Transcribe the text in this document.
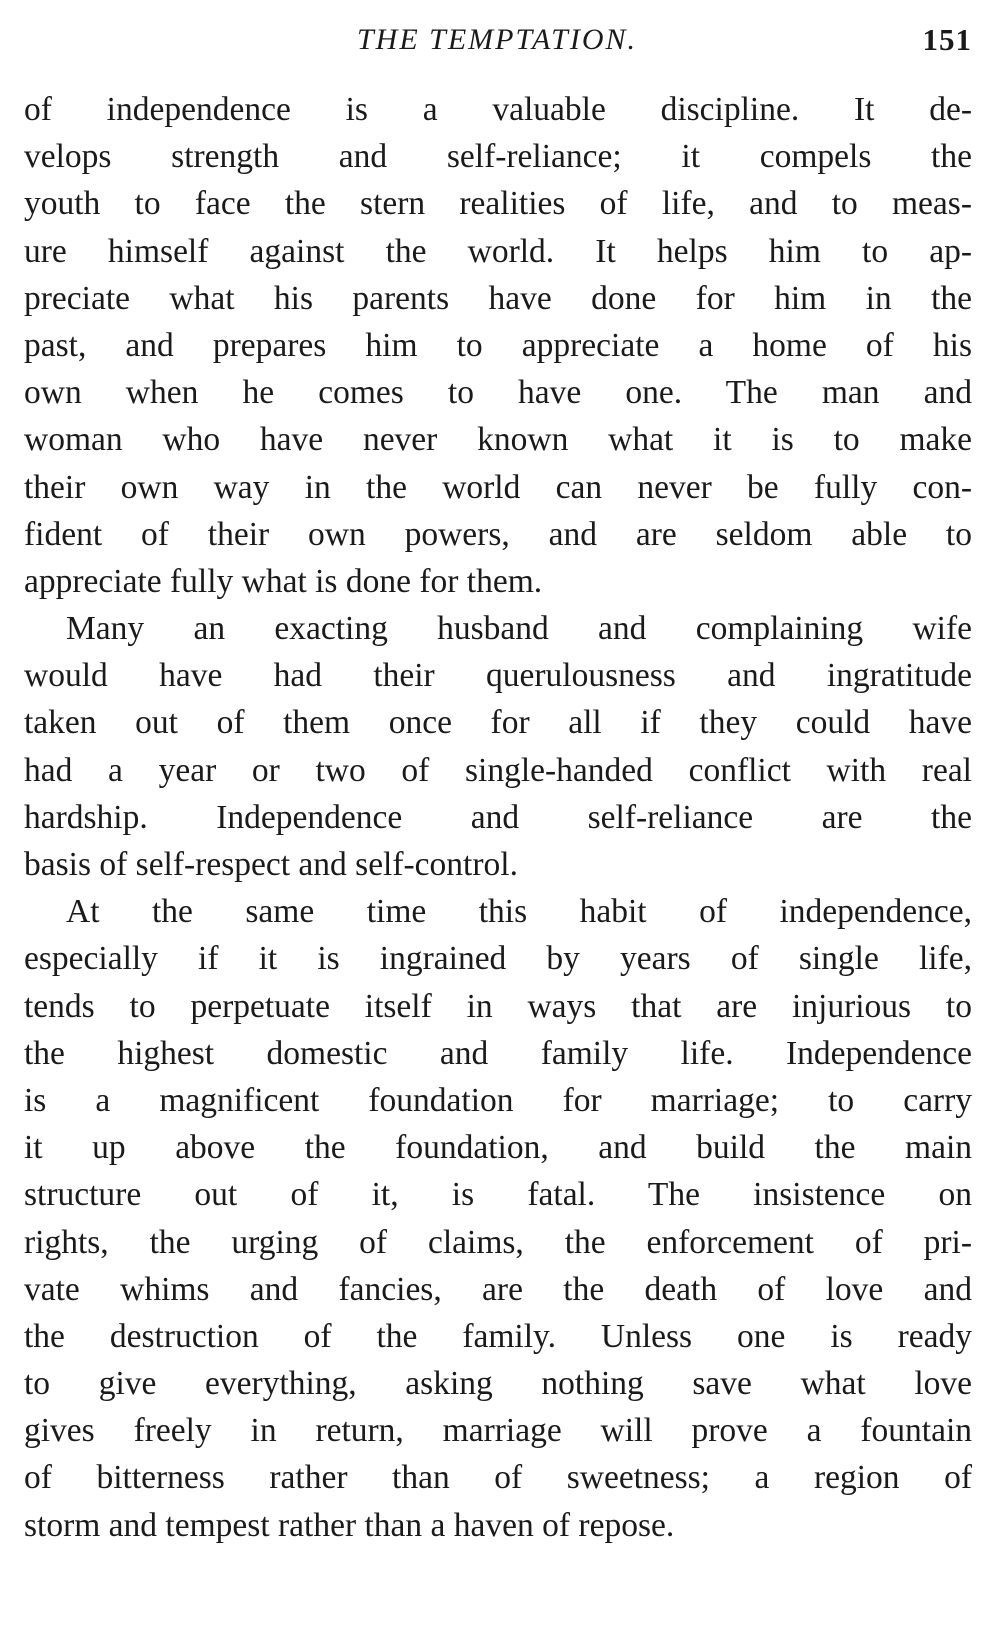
THE TEMPTATION.	151
of independence is a valuable discipline. It de-
velops strength and self-reliance; it compels the
youth to face the stern realities of life, and to meas-
ure himself against the world. It helps him to ap-
preciate what his parents have done for him in the
past, and prepares him to appreciate a home of his
own when he comes to have one. The man and
woman who have never known what it is to make
their own way in the world can never be fully con-
fident of their own powers, and are seldom able to
appreciate fully what is done for them.
Many an exacting husband and complaining wife
would have had their querulousness and ingratitude
taken out of them once for all if they could have
had a year or two of single-handed conflict with real
hardship. Independence and self-reliance are the
basis of self-respect and self-control.
At the same time this habit of independence,
especially if it is ingrained by years of single life,
tends to perpetuate itself in ways that are injurious to
the highest domestic and family life. Independence
is a magnificent foundation for marriage; to carry
it up above the foundation, and build the main
structure out of it, is fatal. The insistence on
rights, the urging of claims, the enforcement of pri-
vate whims and fancies, are the death of love and
the destruction of the family. Unless one is ready
to give everything, asking nothing save what love
gives freely in return, marriage will prove a fountain
of bitterness rather than of sweetness; a region of
storm and tempest rather than a haven of repose.
